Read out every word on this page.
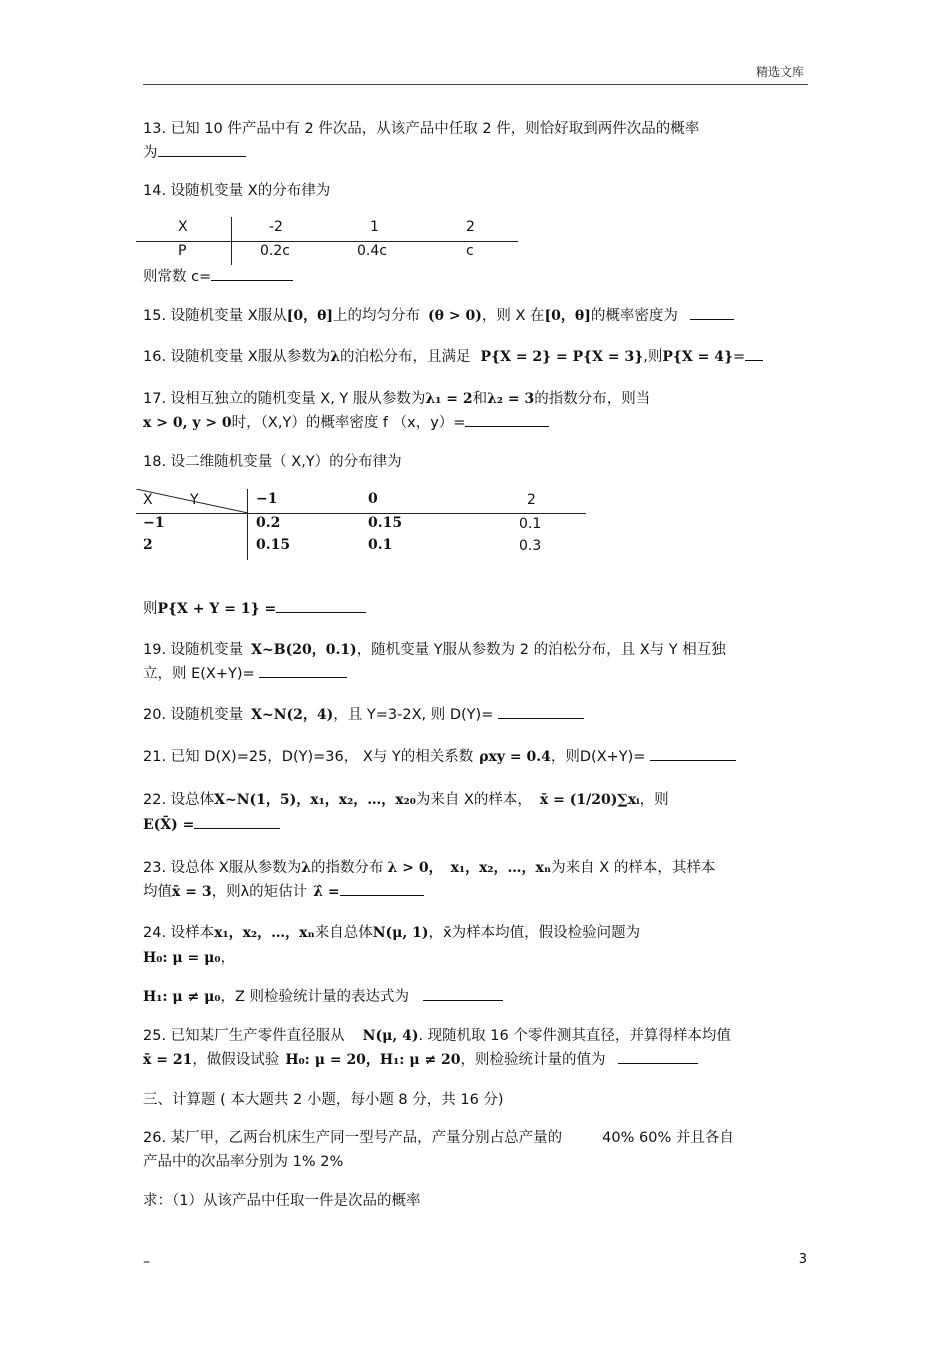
精选文库
13. 已知 10 件产品中有 2 件次品，从该产品中任取 2 件，则恰好取到两件次品的概率
为
14. 设随机变量 X的分布律为
X	-2	1	2
P	0.2c	0.4c	c
则常数 c=
15. 设随机变量 X服从[0，θ]上的均匀分布 (θ > 0)，则 X 在[0，θ]的概率密度为
16. 设随机变量 X服从参数为λ的泊松分布，且满足 P{X = 2} = P{X = 3},则P{X = 4}=
17. 设相互独立的随机变量 X, Y 服从参数为λ₁ = 2和λ₂ = 3的指数分布，则当
x > 0, y > 0时，（X,Y）的概率密度 f （x，y）=
18. 设二维随机变量（ X,Y）的分布律为
X	Y	−1	0	2
−1	0.2	0.15	0.1
2	0.15	0.1	0.3
则P{X + Y = 1} =
19. 设随机变量 X~B(20，0.1)，随机变量 Y服从参数为 2 的泊松分布，且 X与 Y 相互独
立，则 E(X+Y)=
20. 设随机变量 X~N(2，4)，且 Y=3-2X, 则 D(Y)=
21. 已知 D(X)=25，D(Y)=36， X与 Y的相关系数 ρxy = 0.4，则D(X+Y)=
22. 设总体X~N(1，5)，x₁，x₂，…，x₂₀为来自 X的样本， x̄ = (1/20)∑xᵢ，则
E(X̄) =
23. 设总体 X服从参数为λ的指数分布 λ > 0， x₁，x₂，…，xₙ为来自 X 的样本，其样本
均值x̄ = 3，则λ的矩估计 λ̂ =
24. 设样本x₁，x₂，…，xₙ来自总体N(μ, 1)，x̄为样本均值，假设检验问题为
H₀: μ = μ₀，
H₁: μ ≠ μ₀，Z 则检验统计量的表达式为
25. 已知某厂生产零件直径服从 N(μ, 4). 现随机取 16 个零件测其直径，并算得样本均值
x̄ = 21，做假设试验 H₀: μ = 20，H₁: μ ≠ 20，则检验统计量的值为
三、计算题 ( 本大题共 2 小题，每小题 8 分，共 16 分)
26. 某厂甲，乙两台机床生产同一型号产品，产量分别占总产量的	40% 60% 并且各自
产品中的次品率分别为 1% 2%
求：（1）从该产品中任取一件是次品的概率
–	3
